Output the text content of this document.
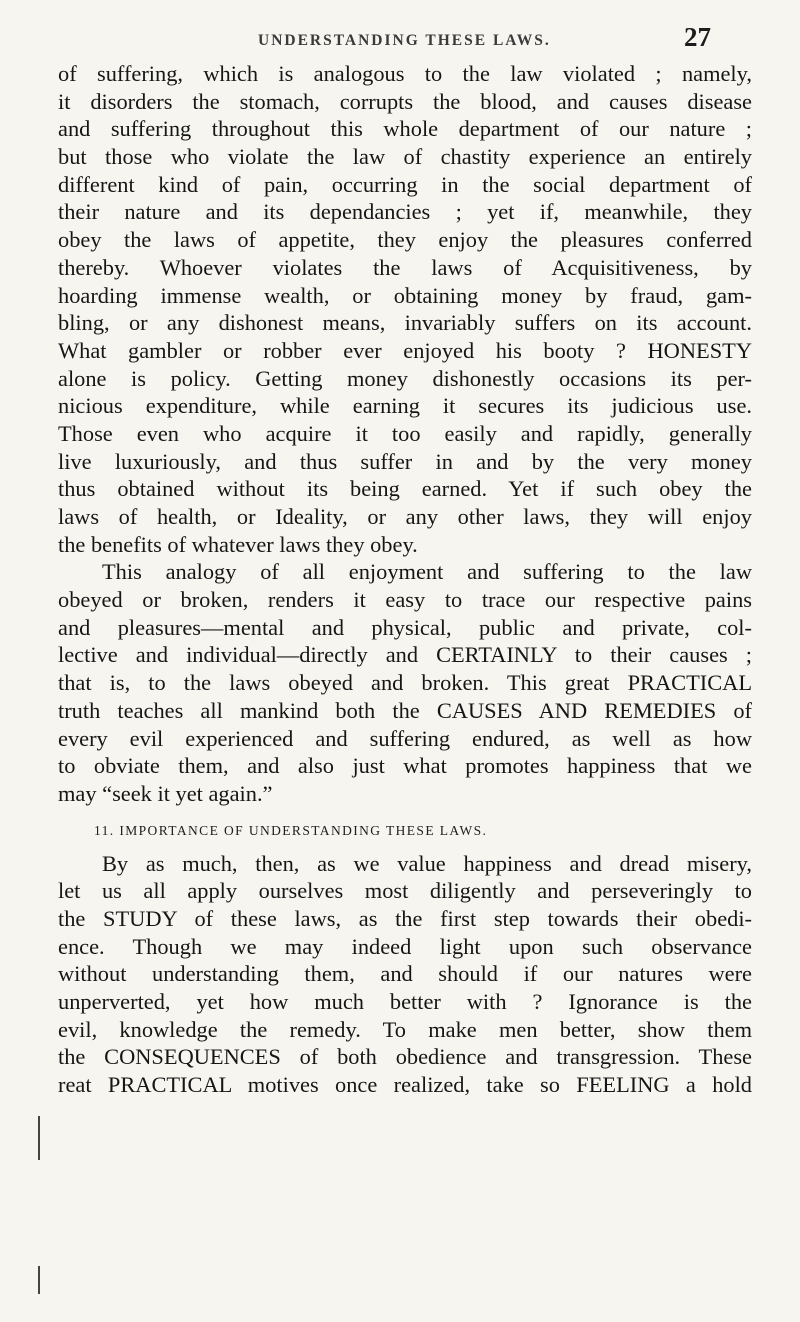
UNDERSTANDING THESE LAWS.	27
of suffering, which is analogous to the law violated ; namely,
it disorders the stomach, corrupts the blood, and causes disease
and suffering throughout this whole department of our nature ;
but those who violate the law of chastity experience an entirely
different kind of pain, occurring in the social department of
their nature and its dependancies ; yet if, meanwhile, they
obey the laws of appetite, they enjoy the pleasures conferred
thereby. Whoever violates the laws of Acquisitiveness, by
hoarding immense wealth, or obtaining money by fraud, gam-
bling, or any dishonest means, invariably suffers on its account.
What gambler or robber ever enjoyed his booty ? HONESTY
alone is policy. Getting money dishonestly occasions its per-
nicious expenditure, while earning it secures its judicious use.
Those even who acquire it too easily and rapidly, generally
live luxuriously, and thus suffer in and by the very money
thus obtained without its being earned. Yet if such obey the
laws of health, or Ideality, or any other laws, they will enjoy
the benefits of whatever laws they obey.
This analogy of all enjoyment and suffering to the law
obeyed or broken, renders it easy to trace our respective pains
and pleasures—mental and physical, public and private, col-
lective and individual—directly and CERTAINLY to their causes ;
that is, to the laws obeyed and broken. This great PRACTICAL
truth teaches all mankind both the CAUSES AND REMEDIES of
every evil experienced and suffering endured, as well as how
to obviate them, and also just what promotes happiness that we
may “seek it yet again.”
11. IMPORTANCE OF UNDERSTANDING THESE LAWS.
By as much, then, as we value happiness and dread misery,
let us all apply ourselves most diligently and perseveringly to
the STUDY of these laws, as the first step towards their obedi-
ence. Though we may indeed light upon such observance
without understanding them, and should if our natures were
unperverted, yet how much better with ? Ignorance is the
evil, knowledge the remedy. To make men better, show them
the CONSEQUENCES of both obedience and transgression. These
reat PRACTICAL motives once realized, take so FEELING a hold
